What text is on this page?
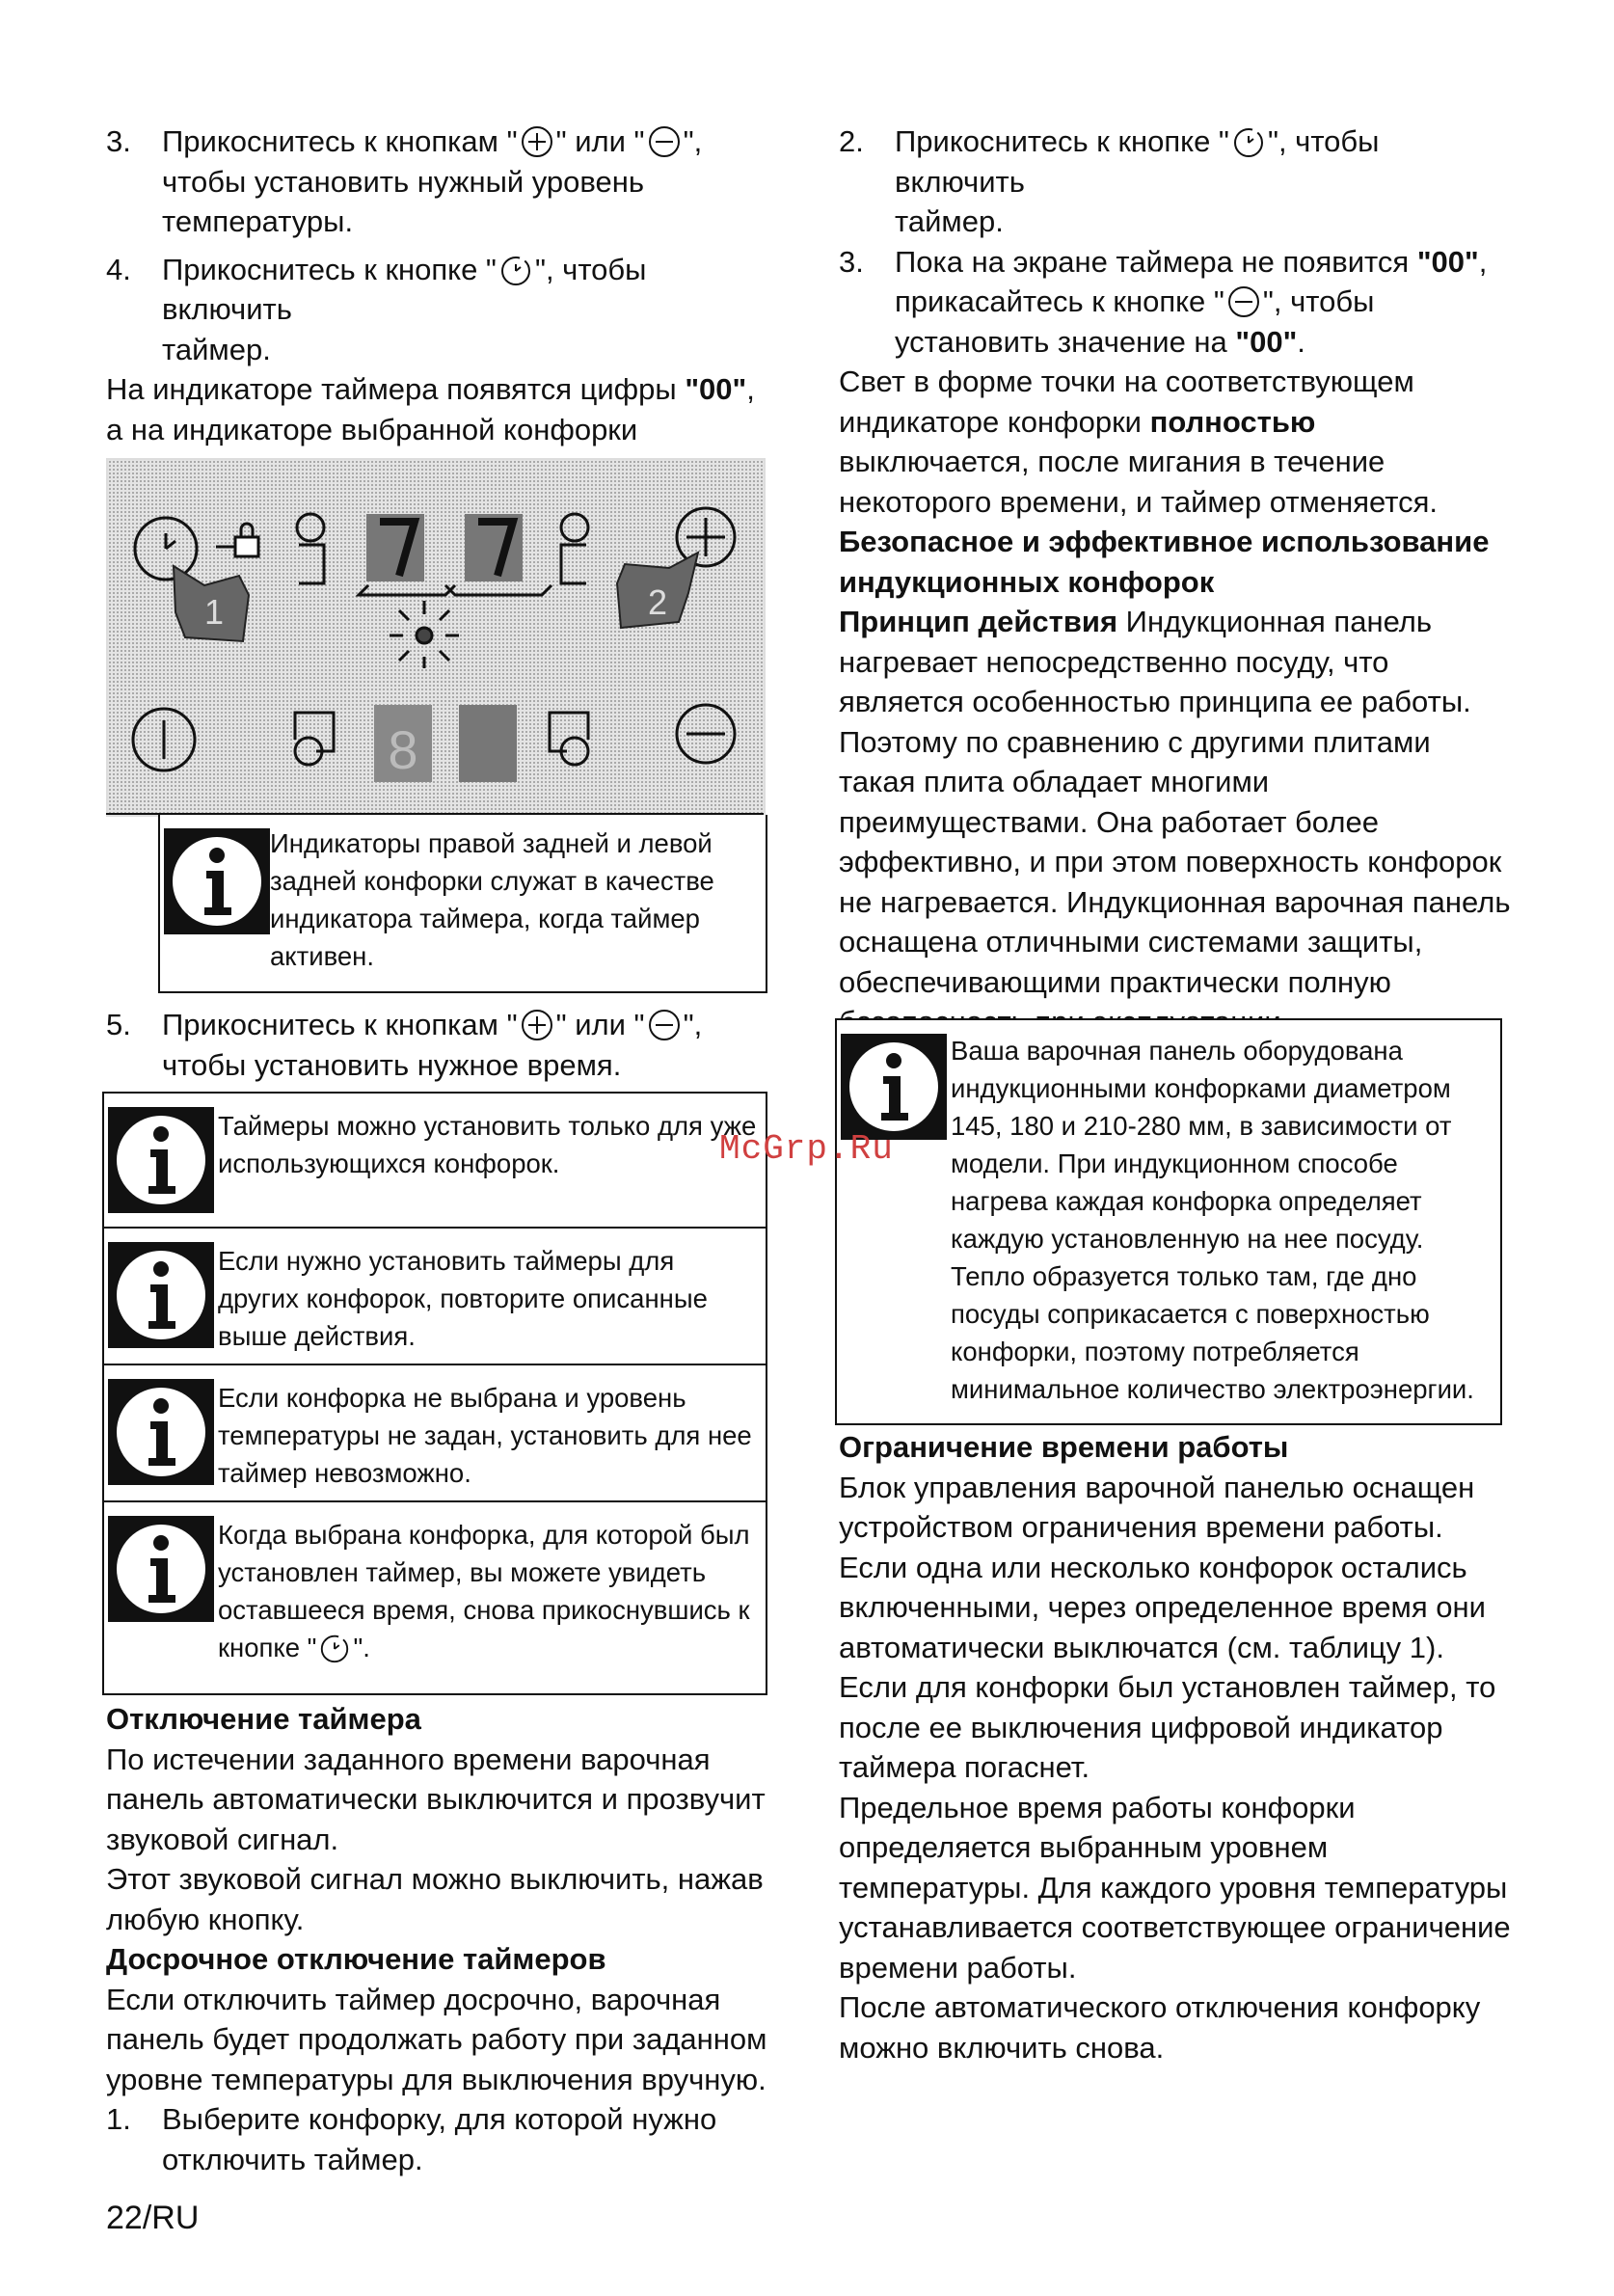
3.	Прикоснитесь к кнопкам " " или " ",
чтобы установить нужный уровень
температуры.
4.	Прикоснитесь к кнопке " ", чтобы включить
таймер.

На индикаторе таймера появятся цифры "00", а на индикаторе выбранной конфорки

8
1	2
Индикаторы правой задней и левой задней конфорки служат в качестве индикатора таймера, когда таймер активен.
5.	Прикоснитесь к кнопкам " " или " ",
чтобы установить нужное время.
Таймеры можно установить только для уже использующихся конфорок.
Если нужно установить таймеры для других конфорок, повторите описанные выше действия.
Если конфорка не выбрана и уровень температуры не задан, установить для нее таймер невозможно.
Когда выбрана конфорка, для которой был установлен таймер, вы можете увидеть оставшееся время, снова прикоснувшись к
кнопке " ".

Отключение таймера

По истечении заданного времени варочная панель автоматически выключится и прозвучит звуковой сигнал.

Этот звуковой сигнал можно выключить, нажав любую кнопку.

Досрочное отключение таймеров

Если отключить таймер досрочно, варочная панель будет продолжать работу при заданном уровне температуры для выключения вручную.

1.	Выберите конфорку, для которой нужно отключить таймер.
2.	Прикоснитесь к кнопке " ", чтобы включить
таймер.
3.	Пока на экране таймера не появится "00",
прикасайтесь к кнопке " ", чтобы
установить значение на "00".

Свет в форме точки на соответствующем индикаторе конфорки полностью выключается, после мигания в течение некоторого времени, и таймер отменяется.

Безопасное и эффективное использование индукционных конфорок

Принцип действия Индукционная панель нагревает непосредственно посуду, что является особенностью принципа ее работы. Поэтому по сравнению с другими плитами такая плита обладает многими преимуществами. Она работает более эффективно, и при этом поверхность конфорок не нагревается. Индукционная варочная панель оснащена отличными системами защиты, обеспечивающими практически полную

Ваша варочная панель оборудована индукционными конфорками диаметром 145, 180 и 210-280 мм, в зависимости от модели. При индукционном способе нагрева каждая конфорка определяет каждую установленную на нее посуду. Тепло образуется только там, где дно посуды соприкасается с поверхностью конфорки, поэтому потребляется минимальное количество электроэнергии.

Ограничение времени работы

Блок управления варочной панелью оснащен устройством ограничения времени работы. Если одна или несколько конфорок остались включенными, через определенное время они автоматически выключатся (см. таблицу 1). Если для конфорки был установлен таймер, то после ее выключения цифровой индикатор таймера погаснет.

Предельное время работы конфорки определяется выбранным уровнем температуры. Для каждого уровня температуры устанавливается соответствующее ограничение времени работы.

После автоматического отключения конфорку можно включить снова.

McGrp.Ru
22/RU
